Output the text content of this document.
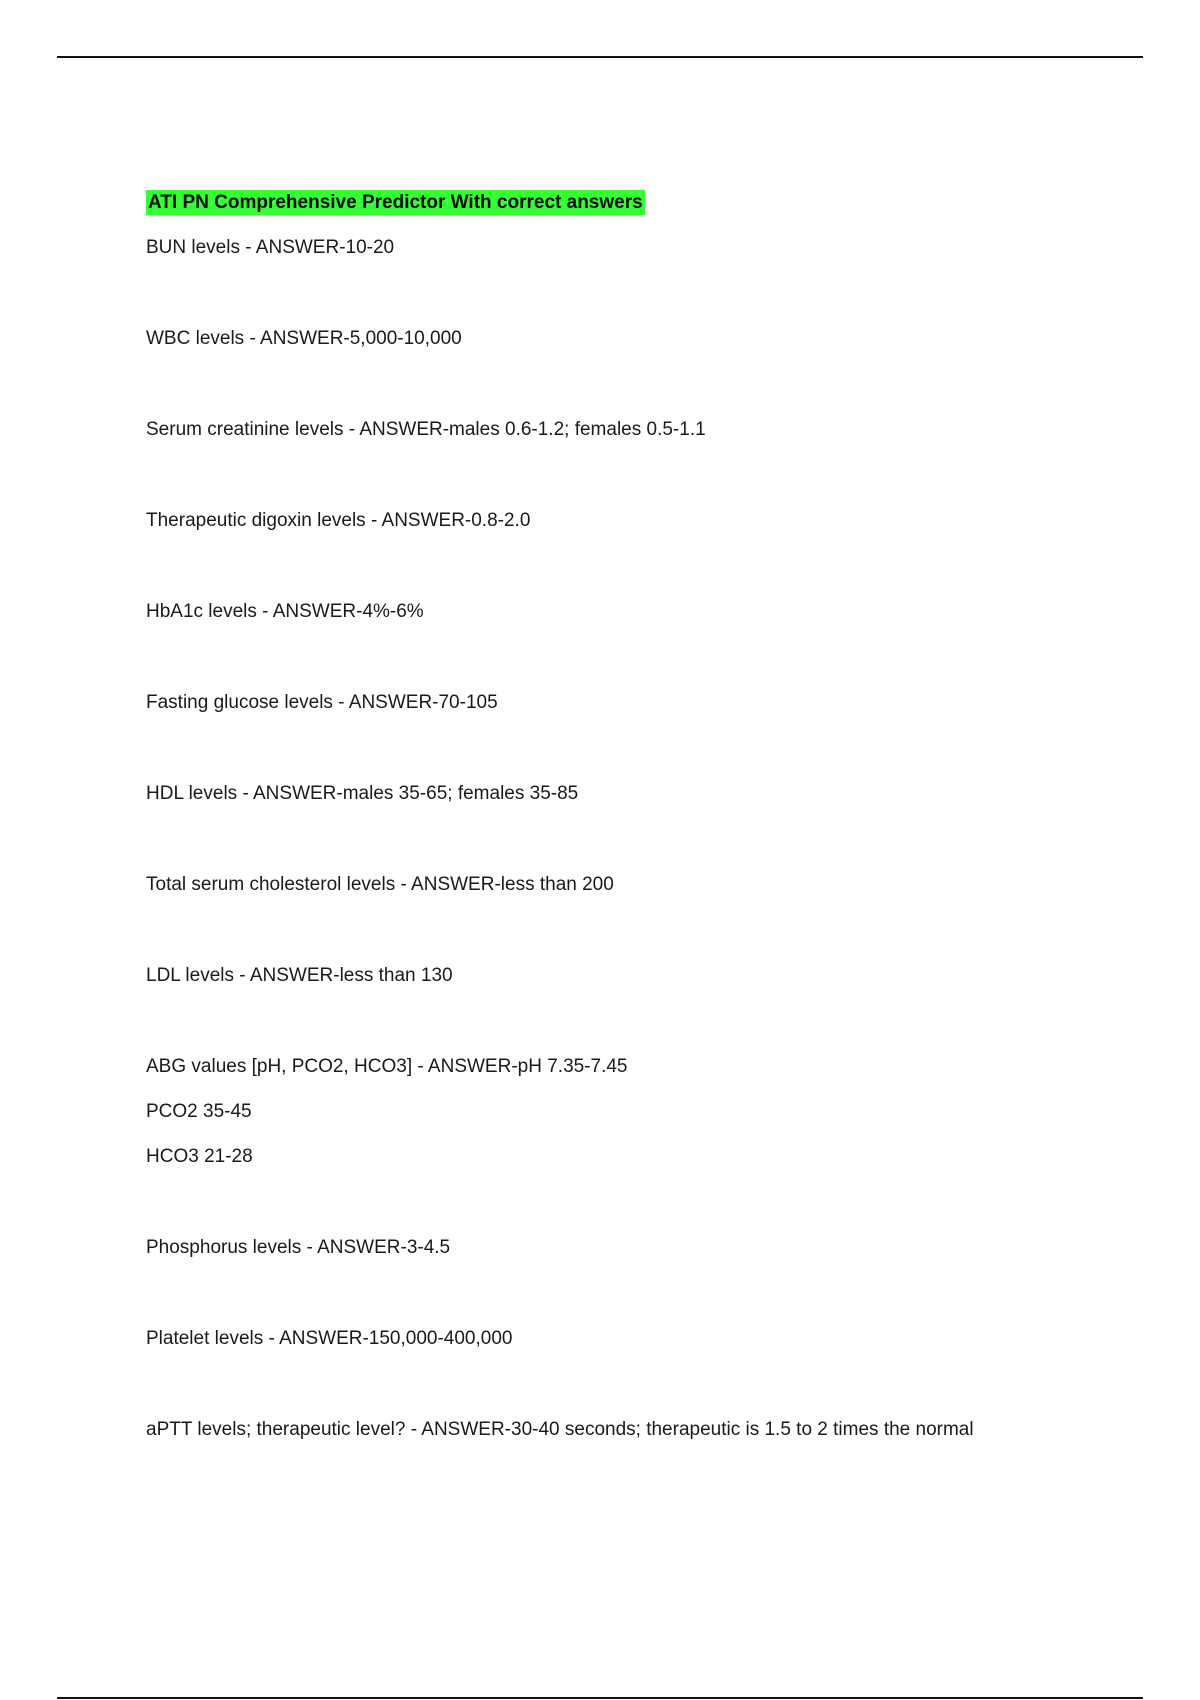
ATI PN Comprehensive Predictor With correct answers

BUN levels - ANSWER-10-20

WBC levels - ANSWER-5,000-10,000

Serum creatinine levels - ANSWER-males 0.6-1.2; females 0.5-1.1

Therapeutic digoxin levels - ANSWER-0.8-2.0

HbA1c levels - ANSWER-4%-6%

Fasting glucose levels - ANSWER-70-105

HDL levels - ANSWER-males 35-65; females 35-85

Total serum cholesterol levels - ANSWER-less than 200

LDL levels - ANSWER-less than 130

ABG values [pH, PCO2, HCO3] - ANSWER-pH 7.35-7.45

PCO2 35-45

HCO3 21-28

Phosphorus levels - ANSWER-3-4.5

Platelet levels - ANSWER-150,000-400,000

aPTT levels; therapeutic level? - ANSWER-30-40 seconds; therapeutic is 1.5 to 2 times the normal
